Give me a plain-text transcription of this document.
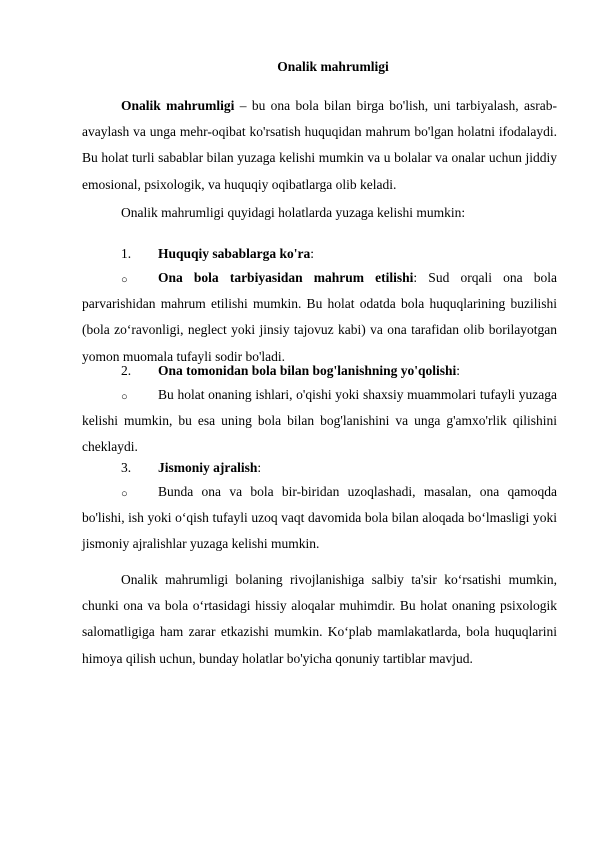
Onalik mahrumligi

Onalik mahrumligi – bu ona bola bilan birga bo'lish, uni tarbiyalash, asrab-avaylash va unga mehr-oqibat ko'rsatish huquqidan mahrum bo'lgan holatni ifodalaydi. Bu holat turli sabablar bilan yuzaga kelishi mumkin va u bolalar va onalar uchun jiddiy emosional, psixologik, va huquqiy oqibatlarga olib keladi.

Onalik mahrumligi quyidagi holatlarda yuzaga kelishi mumkin:

1. Huquqiy sabablarga ko'ra:
○	Ona bola tarbiyasidan mahrum etilishi: Sud orqali ona bola parvarishidan mahrum etilishi mumkin. Bu holat odatda bola huquqlarining buzilishi (bola zo‘ravonligi, neglect yoki jinsiy tajovuz kabi) va ona tarafidan olib borilayotgan yomon muomala tufayli sodir bo'ladi.

2. Ona tomonidan bola bilan bog'lanishning yo'qolishi:
○	Bu holat onaning ishlari, o'qishi yoki shaxsiy muammolari tufayli yuzaga kelishi mumkin, bu esa uning bola bilan bog'lanishini va unga g'amxo'rlik qilishini cheklaydi.

3. Jismoniy ajralish:
○	Bunda ona va bola bir-biridan uzoqlashadi, masalan, ona qamoqda bo'lishi, ish yoki o‘qish tufayli uzoq vaqt davomida bola bilan aloqada bo‘lmasligi yoki jismoniy ajralishlar yuzaga kelishi mumkin.

Onalik mahrumligi bolaning rivojlanishiga salbiy ta'sir ko‘rsatishi mumkin, chunki ona va bola o‘rtasidagi hissiy aloqalar muhimdir. Bu holat onaning psixologik salomatligiga ham zarar etkazishi mumkin. Ko‘plab mamlakatlarda, bola huquqlarini himoya qilish uchun, bunday holatlar bo'yicha qonuniy tartiblar mavjud.
